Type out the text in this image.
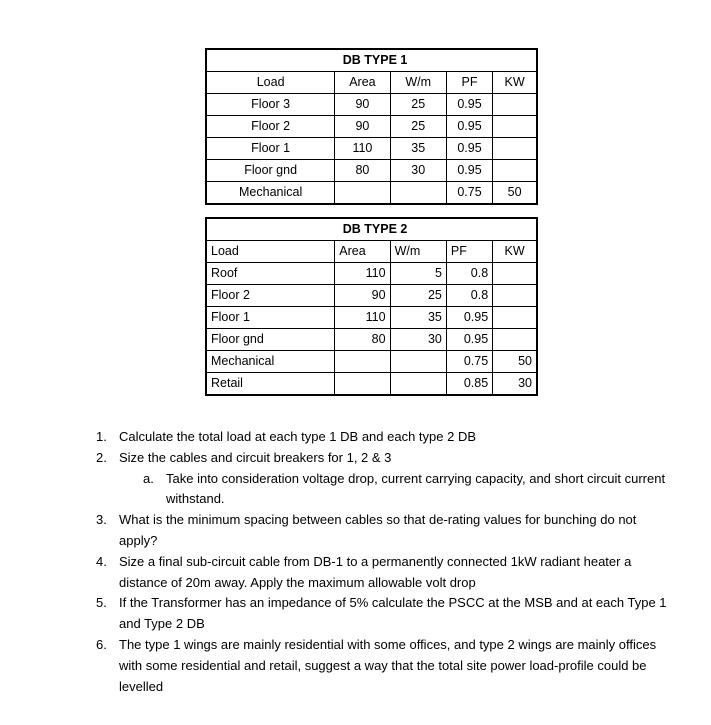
	DB TYPE 1			
Load	Area	W/m	PF	KW
Floor 3	90	25	0.95	
Floor 2	90	25	0.95	
Floor 1	110	35	0.95	
Floor gnd	80	30	0.95	
Mechanical			0.75	50
	DB TYPE 2			
Load	Area	W/m	PF	KW
Roof	110	5	0.8	
Floor 2	90	25	0.8	
Floor 1	110	35	0.95	
Floor gnd	80	30	0.95	
Mechanical			0.75	50
Retail			0.85	30
1. Calculate the total load at each type 1 DB and each type 2 DB
2. Size the cables and circuit breakers for 1, 2 & 3
a. Take into consideration voltage drop, current carrying capacity, and short circuit current withstand.
3. What is the minimum spacing between cables so that de-rating values for bunching do not apply?
4. Size a final sub-circuit cable from DB-1 to a permanently connected 1kW radiant heater a distance of 20m away. Apply the maximum allowable volt drop
5. If the Transformer has an impedance of 5% calculate the PSCC at the MSB and at each Type 1 and Type 2 DB
6. The type 1 wings are mainly residential with some offices, and type 2 wings are mainly offices with some residential and retail, suggest a way that the total site power load-profile could be levelled
